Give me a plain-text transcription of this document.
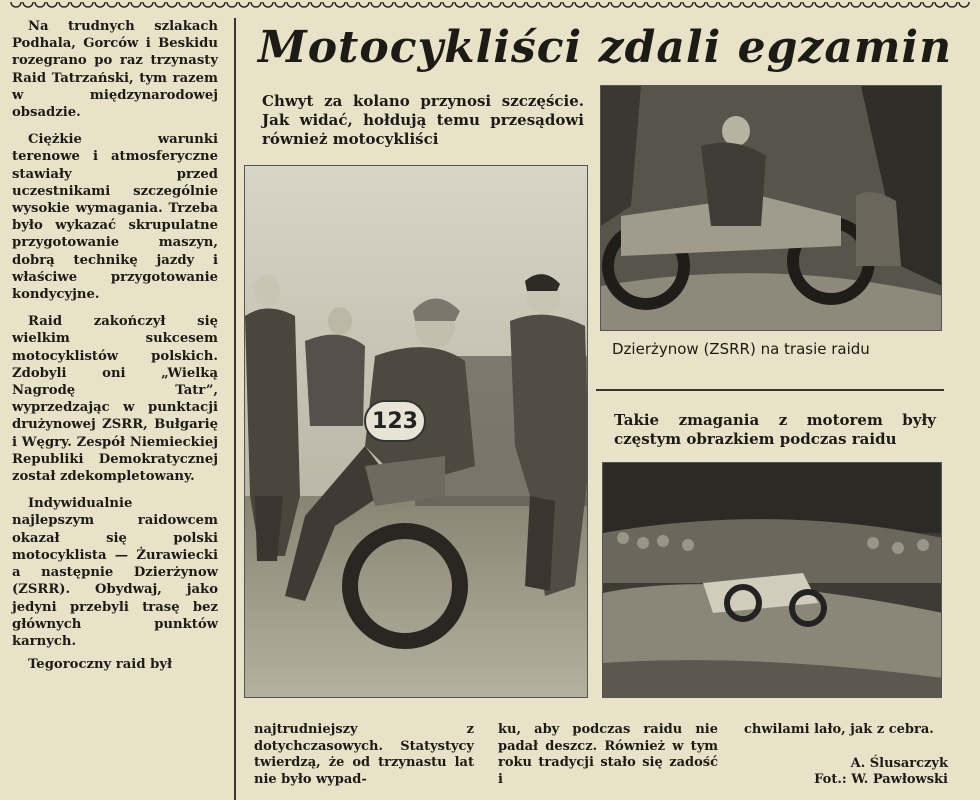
Na trudnych szlakach Podhala, Gorców i Beskidu rozegrano po raz trzynasty Raid Tatrzański, tym razem w międzynarodowej obsadzie.

Ciężkie warunki terenowe i atmosferyczne stawiały przed uczestnikami szczególnie wysokie wymagania. Trzeba było wykazać skrupulatne przygotowanie maszyn, dobrą technikę jazdy i właściwe przygotowanie kondycyjne.

Raid zakończył się wielkim sukcesem motocyklistów polskich. Zdobyli oni „Wielką Nagrodę Tatr”, wyprzedzając w punktacji drużynowej ZSRR, Bułgarię i Węgry. Zespół Niemieckiej Republiki Demokratycznej został zdekompletowany.

Indywidualnie najlepszym raidowcem okazał się polski motocyklista — Żurawiecki a następnie Dzierżynow (ZSRR). Obydwaj, jako jedyni przebyli trasę bez głównych punktów karnych.

Tegoroczny raid był

Motocykliści zdali egzamin
Chwyt za kolano przynosi szczęście. Jak widać, hołdują temu przesądowi również motocykliści
123
Dzierżynow (ZSRR) na trasie raidu
Takie zmagania z motorem były częstym obrazkiem podczas raidu
najtrudniejszy z dotychczasowych. Statystycy twierdzą, że od trzynastu lat nie było wypad-
ku, aby podczas raidu nie padał deszcz. Również w tym roku tradycji stało się zadość i
chwilami lało, jak z cebra.
A. Ślusarczyk
Fot.: W. Pawłowski
